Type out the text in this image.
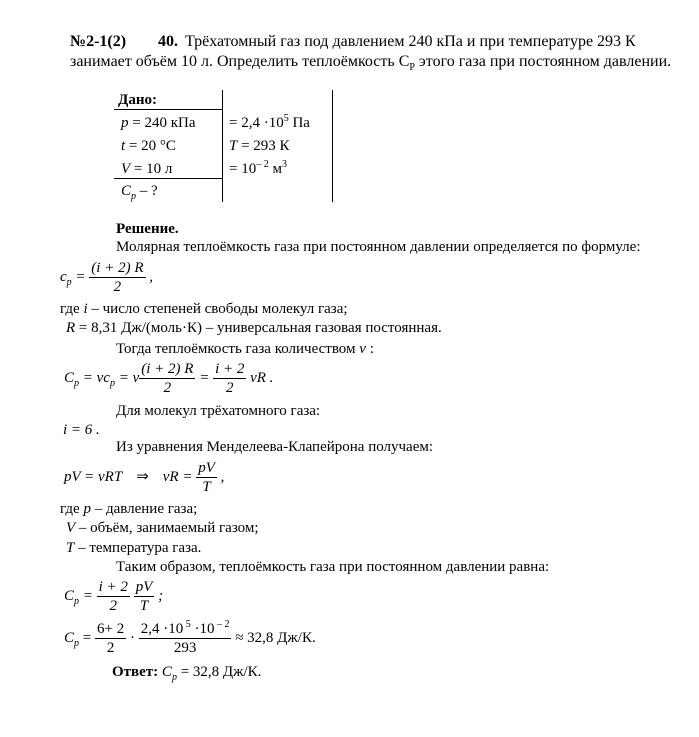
№2-1(2) 40. Трёхатомный газ под давлением 240 кПа и при температуре 293 К
занимает объём 10 л. Определить теплоёмкость $C_P$ этого газа при постоянном давлении.
Дано:
p = 240 кПа
t = 20 °C
V = 10 л
$C_p$ – ?
= $2,4 \cdot 10^5$ Па
T = 293 К
= $10^{- 2}$ $м^3$
Решение.
Молярная теплоёмкость газа при постоянном давлении определяется по формуле:
$c_p = \frac{(i + 2) R}{2}$ ,
где i – число степеней свободы молекул газа;
R = 8,31 Дж/(моль·К) – универсальная газовая постоянная.
Тогда теплоёмкость газа количеством ν :
$C_p = \nu c_p = \nu \frac{(i + 2) R}{2} = \frac{i + 2}{2}$ νR .
Для молекул трёхатомного газа:
i = 6 .
Из уравнения Менделеева-Клапейрона получаем:
pV = νRT ⇒ $\nu R = \frac{pV}{T}$ ,
где p – давление газа;
V – объём, занимаемый газом;
T – температура газа.
Таким образом, теплоёмкость газа при постоянном давлении равна:
$C_p = \frac{i + 2}{2}$
$\frac{pV}{T}$ ;
$C_p = \frac{6+ 2}{2} \cdot \frac{2,4 \cdot 10 ^5 \cdot 10 ^{- 2}}{293} \approx 32,8$ Дж/К.
Ответ: $C_p = 32,8$ Дж/К.
